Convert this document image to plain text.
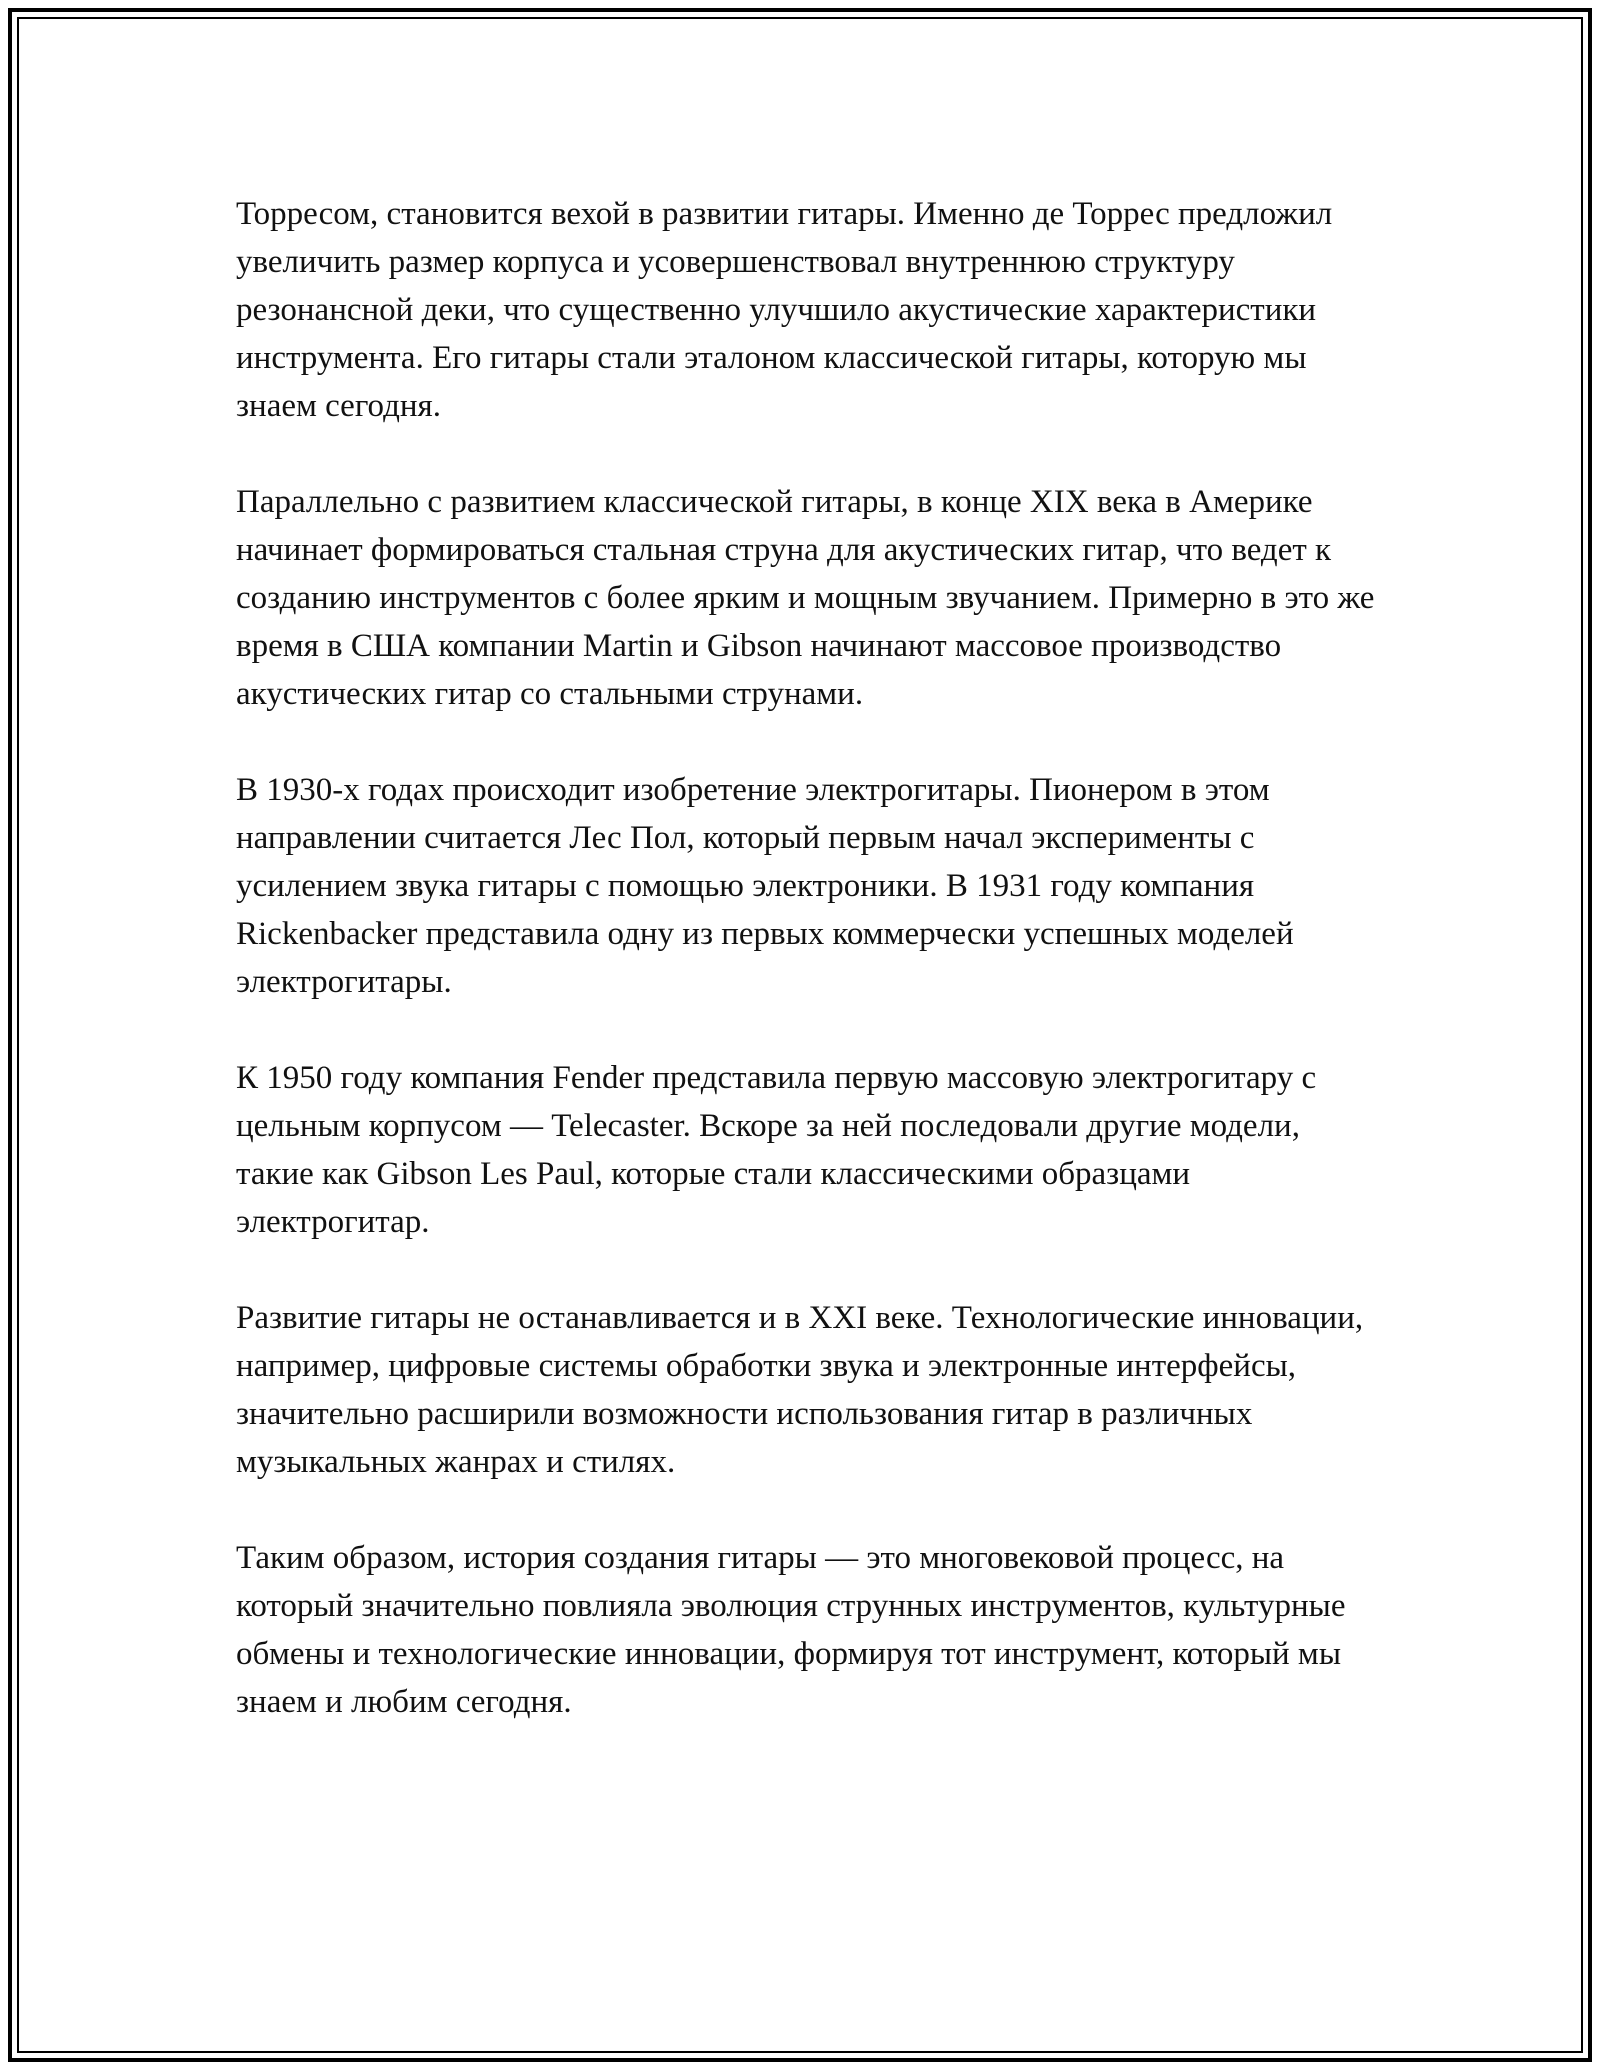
Торресом, становится вехой в развитии гитары. Именно де Торрес предложил увеличить размер корпуса и усовершенствовал внутреннюю структуру резонансной деки, что существенно улучшило акустические характеристики инструмента. Его гитары стали эталоном классической гитары, которую мы знаем сегодня.

Параллельно с развитием классической гитары, в конце XIX века в Америке начинает формироваться стальная струна для акустических гитар, что ведет к созданию инструментов с более ярким и мощным звучанием. Примерно в это же время в США компании Martin и Gibson начинают массовое производство акустических гитар со стальными струнами.

В 1930-х годах происходит изобретение электрогитары. Пионером в этом направлении считается Лес Пол, который первым начал эксперименты с усилением звука гитары с помощью электроники. В 1931 году компания Rickenbacker представила одну из первых коммерчески успешных моделей электрогитары.

К 1950 году компания Fender представила первую массовую электрогитару с цельным корпусом — Telecaster. Вскоре за ней последовали другие модели, такие как Gibson Les Paul, которые стали классическими образцами электрогитар.

Развитие гитары не останавливается и в XXI веке. Технологические инновации, например, цифровые системы обработки звука и электронные интерфейсы, значительно расширили возможности использования гитар в различных музыкальных жанрах и стилях.

Таким образом, история создания гитары — это многовековой процесс, на который значительно повлияла эволюция струнных инструментов, культурные обмены и технологические инновации, формируя тот инструмент, который мы знаем и любим сегодня.
